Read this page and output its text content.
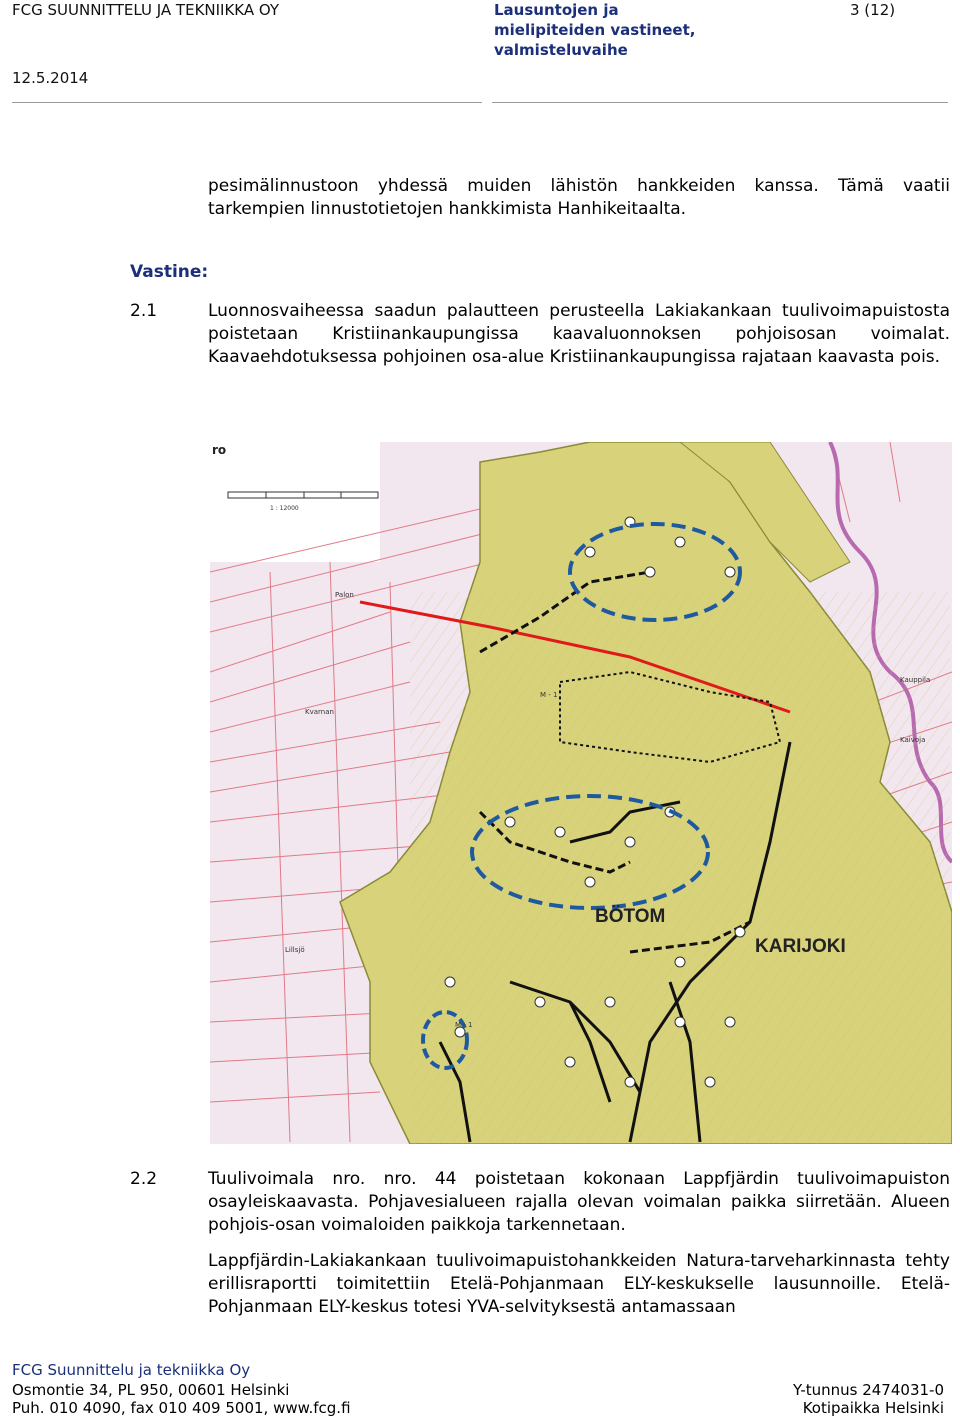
FCG SUUNNITTELU JA TEKNIIKKA OY	Lausuntojen ja mielipiteiden vastineet, valmisteluvaihe
3 (12)
12.5.2014
pesimälinnustoon yhdessä muiden lähistön hankkeiden kanssa. Tämä vaatii tarkempien linnustotietojen hankkimista Hanhikeitaalta.
Vastine:
2.1	Luonnosvaiheessa saadun palautteen perusteella Lakiakankaan tuulivoimapuistosta poistetaan Kristiinankaupungissa kaavaluonnoksen pohjoisosan voimalat. Kaavaehdotuksessa pohjoinen osa-alue Kristiinankaupungissa rajataan kaavasta pois.
1 : 12000
ro
BÖTOM
KARIJOKI
M - 1
M - 1
Palon
Kvarnan
Lillsjö
Kauppila
Kaivoja
2.2	Tuulivoimala nro. nro. 44 poistetaan kokonaan Lappfjärdin tuulivoimapuiston osayleiskaavasta. Pohjavesialueen rajalla olevan voimalan paikka siirretään. Alueen pohjois-osan voimaloiden paikkoja tarkennetaan.
Lappfjärdin-Lakiakankaan tuulivoimapuistohankkeiden Natura-tarveharkinnasta tehty erillisraportti toimitettiin Etelä-Pohjanmaan ELY-keskukselle lausunnoille. Etelä-Pohjanmaan ELY-keskus totesi YVA-selvityksestä antamassaan
FCG Suunnittelu ja tekniikka Oy
Osmontie 34, PL 950, 00601 Helsinki
Puh. 010 4090, fax 010 409 5001, www.fcg.fi
Y-tunnus 2474031-0
Kotipaikka Helsinki
